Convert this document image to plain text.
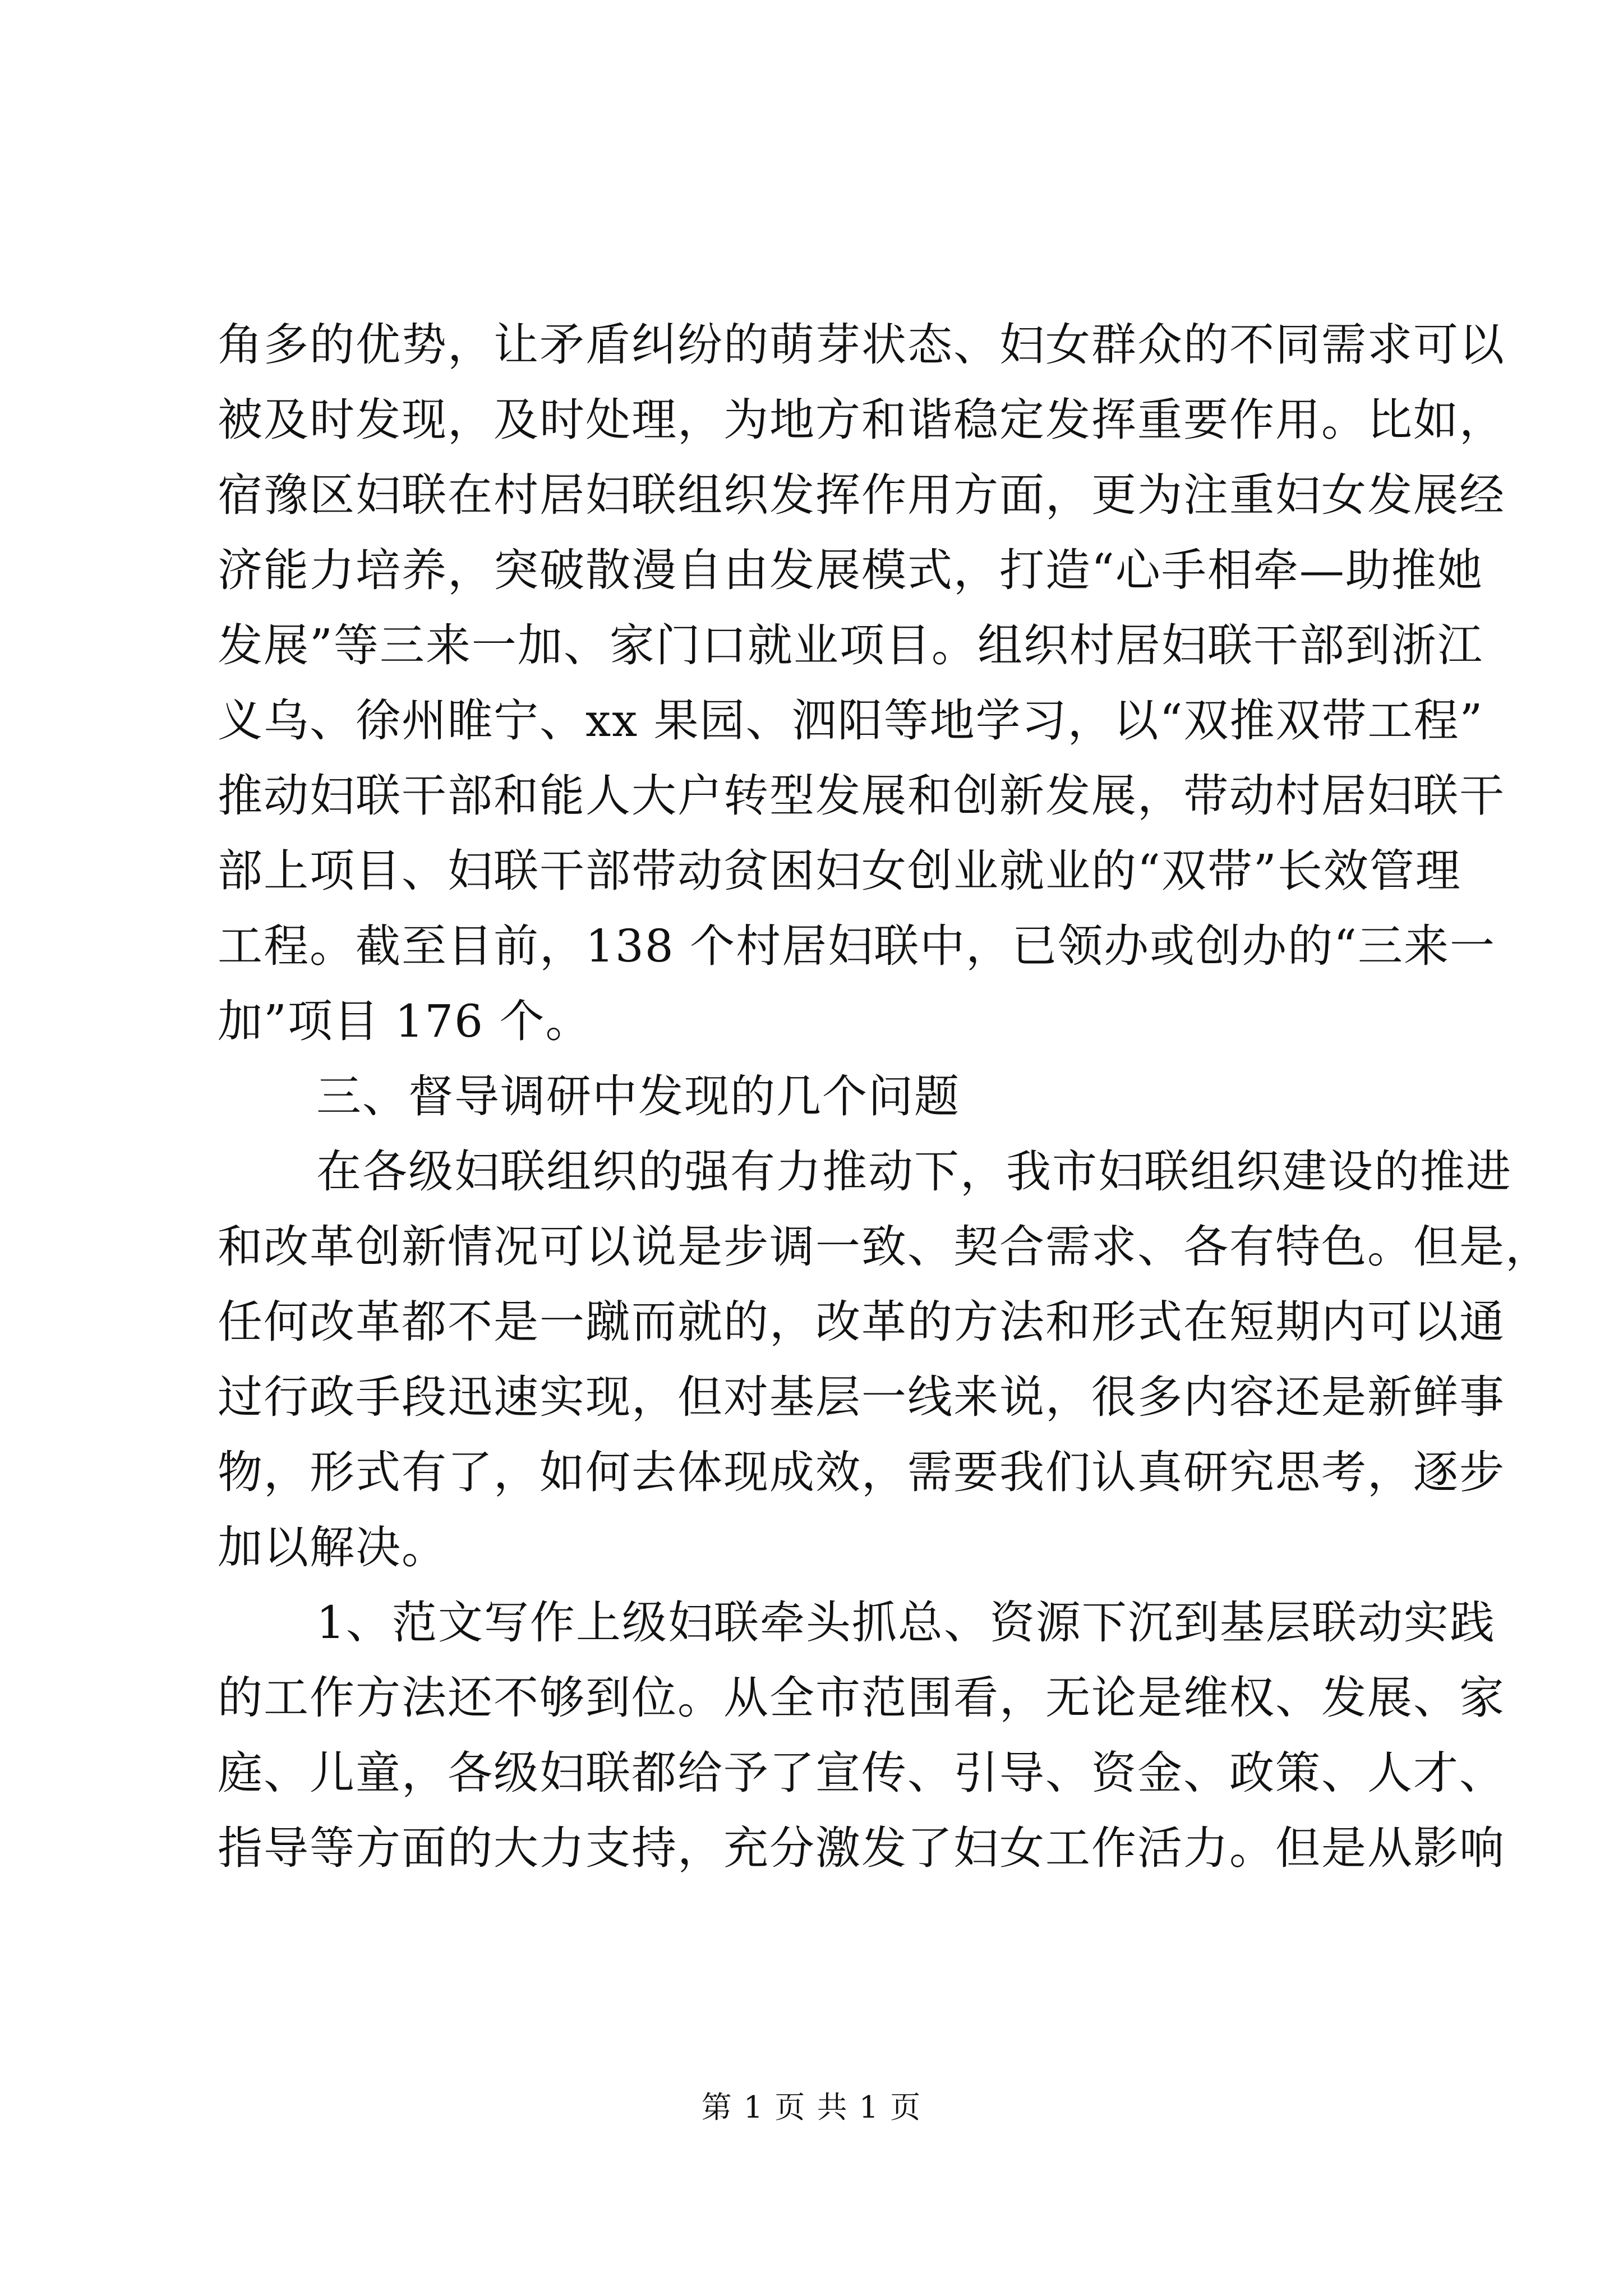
角多的优势，让矛盾纠纷的萌芽状态、妇女群众的不同需求可以
被及时发现，及时处理，为地方和谐稳定发挥重要作用。比如，
宿豫区妇联在村居妇联组织发挥作用方面，更为注重妇女发展经
济能力培养，突破散漫自由发展模式，打造“心手相牵—助推她
发展”等三来一加、家门口就业项目。组织村居妇联干部到浙江
义乌、徐州睢宁、xx 果园、泗阳等地学习，以“双推双带工程”
推动妇联干部和能人大户转型发展和创新发展，带动村居妇联干
部上项目、妇联干部带动贫困妇女创业就业的“双带”长效管理
工程。截至目前，138 个村居妇联中，已领办或创办的“三来一
加”项目 176 个。
三、督导调研中发现的几个问题
在各级妇联组织的强有力推动下，我市妇联组织建设的推进
和改革创新情况可以说是步调一致、契合需求、各有特色。但是，
任何改革都不是一蹴而就的，改革的方法和形式在短期内可以通
过行政手段迅速实现，但对基层一线来说，很多内容还是新鲜事
物，形式有了，如何去体现成效，需要我们认真研究思考，逐步
加以解决。
1、范文写作上级妇联牵头抓总、资源下沉到基层联动实践
的工作方法还不够到位。从全市范围看，无论是维权、发展、家
庭、儿童，各级妇联都给予了宣传、引导、资金、政策、人才、
指导等方面的大力支持，充分激发了妇女工作活力。但是从影响
第 1 页 共 1 页
